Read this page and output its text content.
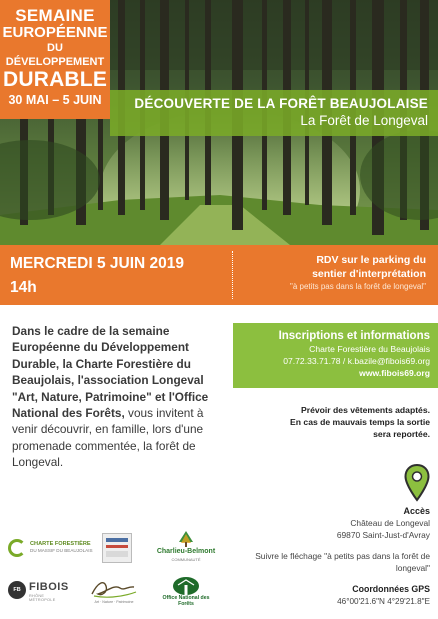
SEMAINE
EUROPÉENNE
DU DÉVELOPPEMENT
DURABLE
30 MAI – 5 JUIN	DÉCOUVERTE DE LA FORÊT BEAUJOLAISE
La Forêt de Longeval
MERCREDI 5 JUIN 2019
14h
RDV sur le parking du
sentier d'interprétation
"à petits pas dans la forêt de longeval"

Dans le cadre de la semaine Européenne du Développement Durable, la Charte Forestière du Beaujolais, l'association Longeval "Art, Nature, Patrimoine" et l'Office National des Forêts, vous invitent à venir découvrir, en famille, lors d'une promenade commentée, la forêt de Longeval.

Inscriptions et informations
Charte Forestière du Beaujolais
07.72.33.71.78 / k.bazile@fibois69.org
www.fibois69.org
Prévoir des vêtements adaptés.
En cas de mauvais temps la sortie
sera reportée.
Accès
Château de Longeval
69870 Saint-Just-d'Avray
Suivre le fléchage "à petits pas dans la forêt de longeval"
Coordonnées GPS
46°00'21.6"N 4°29'21.8"E
CHARTE FORESTIÈRE
DU MASSIF DU BEAUJOLAIS	Charlieu-Belmont
COMMUNAUTÉ
FB FIBOIS
RHÔNE MÉTROPOLE	Art · Nature · Patrimoine
Office National des Forêts
